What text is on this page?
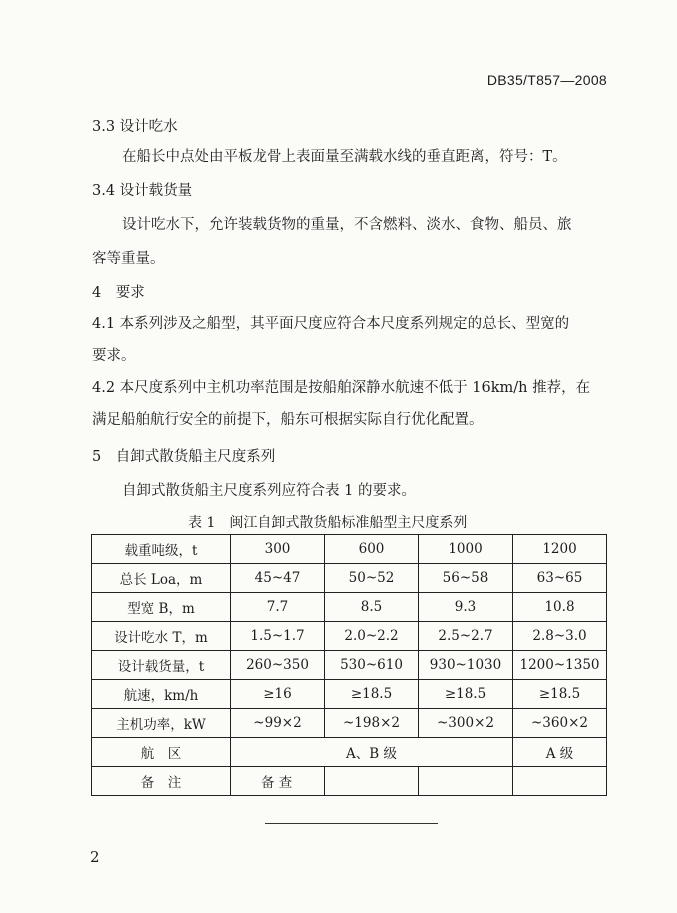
DB35/T857—2008
3.3 设计吃水
在船长中点处由平板龙骨上表面量至满载水线的垂直距离，符号：T。
3.4 设计载货量
设计吃水下，允许装载货物的重量，不含燃料、淡水、食物、船员、旅
客等重量。
4　要求
4.1 本系列涉及之船型，其平面尺度应符合本尺度系列规定的总长、型宽的
要求。
4.2 本尺度系列中主机功率范围是按船舶深静水航速不低于 16km/h 推荐，在
满足船舶航行安全的前提下，船东可根据实际自行优化配置。
5　自卸式散货船主尺度系列
自卸式散货船主尺度系列应符合表 1 的要求。
表 1　闽江自卸式散货船标准船型主尺度系列
载重吨级，t	300	600	1000	1200
总长 Loa，m	45~47	50~52	56~58	63~65
型宽 B，m	7.7	8.5	9.3	10.8
设计吃水 T，m	1.5~1.7	2.0~2.2	2.5~2.7	2.8~3.0
设计载货量，t	260~350	530~610	930~1030	1200~1350
航速，km/h	≥16	≥18.5	≥18.5	≥18.5
主机功率，kW	~99×2	~198×2	~300×2	~360×2
航　区	A、B 级			A 级
备　注	备 查			
2
